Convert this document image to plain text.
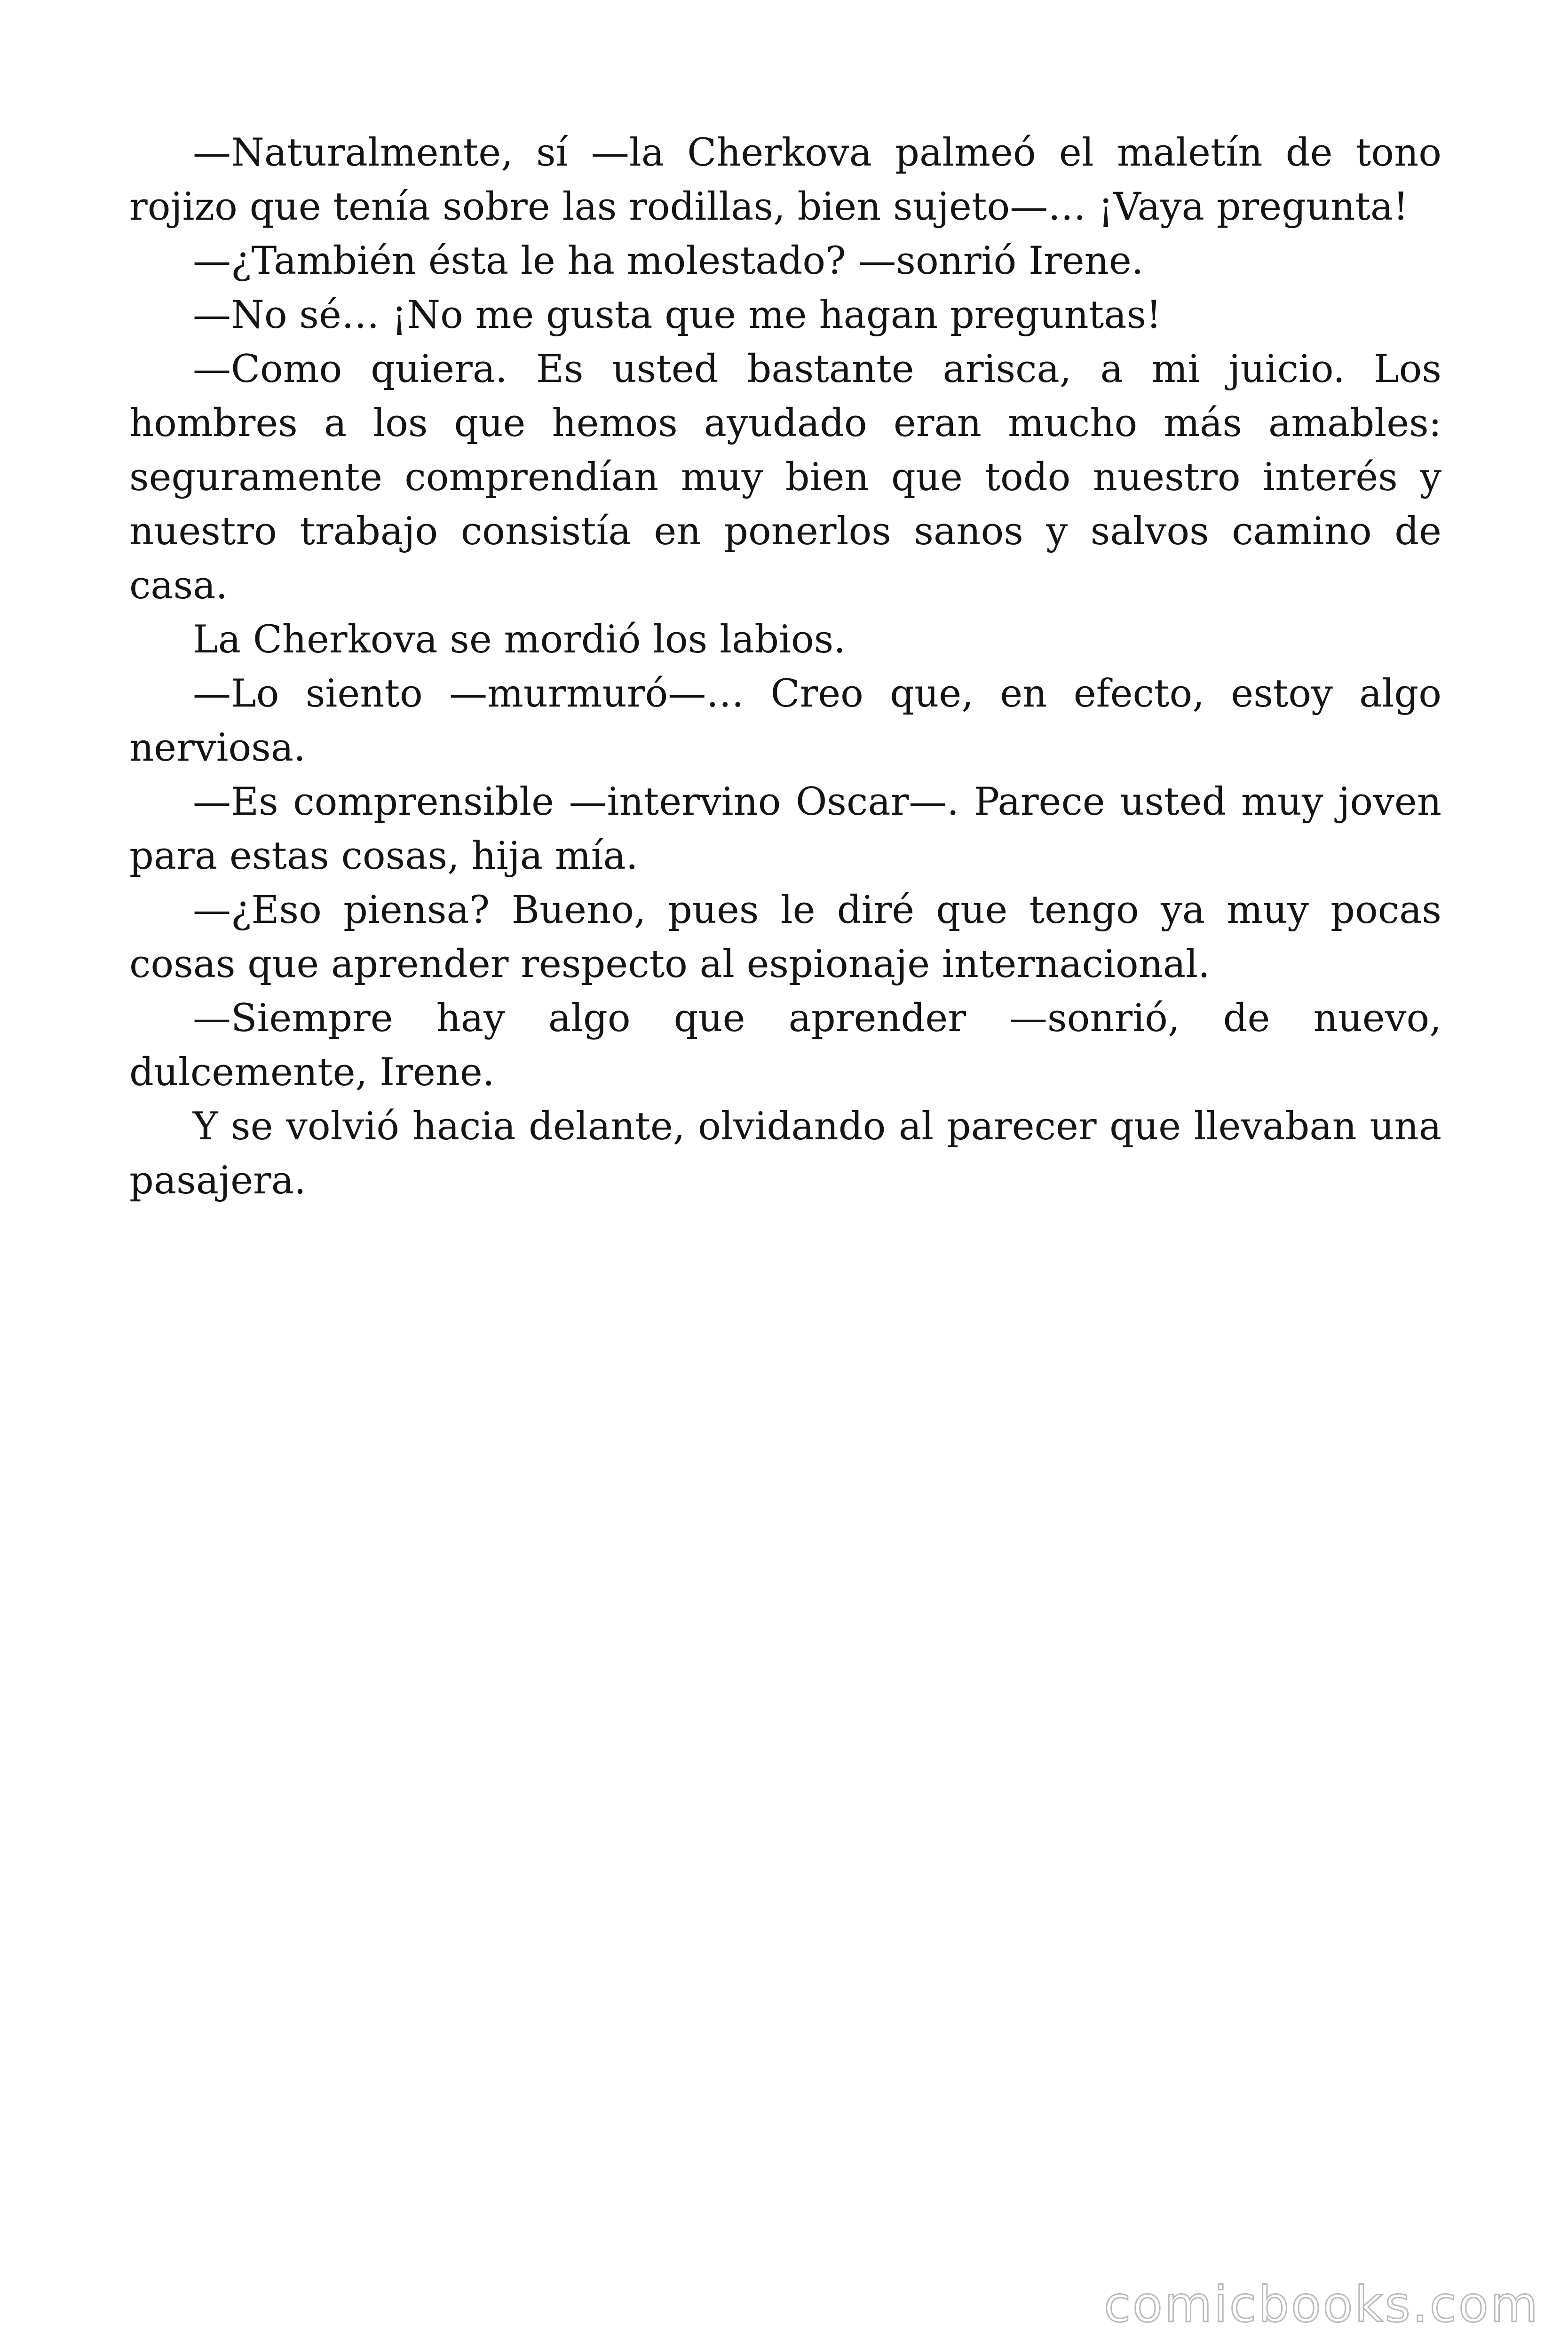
—Naturalmente, sí —la Cherkova palmeó el maletín de tono rojizo que tenía sobre las rodillas, bien sujeto—… ¡Vaya pregunta!

—¿También ésta le ha molestado? —sonrió Irene.

—No sé… ¡No me gusta que me hagan preguntas!

—Como quiera. Es usted bastante arisca, a mi juicio. Los hombres a los que hemos ayudado eran mucho más amables: seguramente comprendían muy bien que todo nuestro interés y nuestro trabajo consistía en ponerlos sanos y salvos camino de casa.

La Cherkova se mordió los labios.

—Lo siento —murmuró—… Creo que, en efecto, estoy algo nerviosa.

—Es comprensible —intervino Oscar—. Parece usted muy joven para estas cosas, hija mía.

—¿Eso piensa? Bueno, pues le diré que tengo ya muy pocas cosas que aprender respecto al espionaje internacional.

—Siempre hay algo que aprender —sonrió, de nuevo, dulcemente, Irene.

Y se volvió hacia delante, olvidando al parecer que llevaban una pasajera.

comicbooks.com
